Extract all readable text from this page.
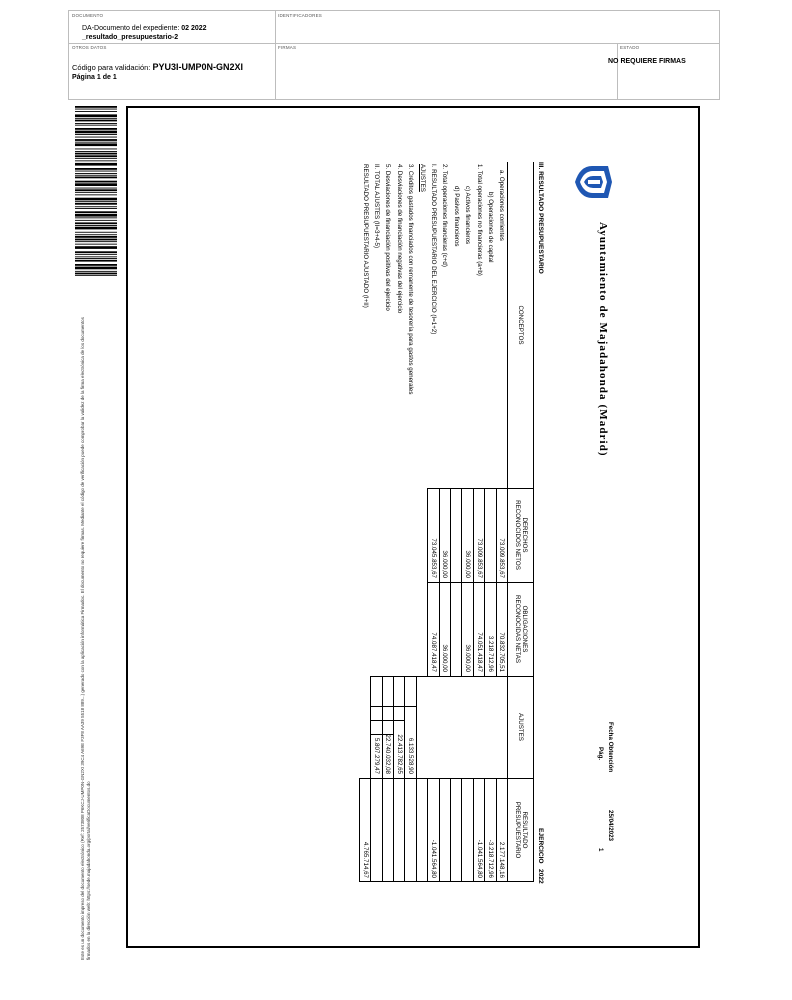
DOCUMENTO
DA-Documento del expediente: 02 2022
_resultado_presupuestario-2
IDENTIFICADORES
OTROS DATOS
Código para validación: PYU3I-UMP0N-GN2XI
Página 1 de 1
FIRMAS	ESTADO
NO REQUIERE FIRMAS
Este es un documento impreso del documento electrónico (Ref: 2573808 P6KCJ-UMP0N-GN2XI 39C4 A69E F3F8 AA39 5518 889...) generado con la aplicación informática Firmadoc. El documento no requiere firmas. Mediante el código de verificación puede comprobar la validez de la firma electrónica de los documentos firmados en la dirección web: https://sede.majadahonda.org/portal/verificaDocumentos.do
Ayuntamiento de Majadahonda (Madrid)
Fecha Obtención
25/04/2023
Pág.
1
III. RESULTADO PRESUPUESTARIO
EJERCICIO   2022
CONCEPTOS
DERECHOS
RECONOCIDOS NETOS
OBLIGACIONES
RECONOCIDAS NETAS
AJUSTES
RESULTADO
PRESUPUESTARIO
a. Operaciones corrientes
73.009.853,67
70.832.705,51
2.177.148,16
b) Operaciones de capital
3.218.712,96
-3.218.712,96
1. Total operaciones no financieras (a+b)
73.009.853,67
74.051.418,47
-1.041.564,80
c) Activos financieros
36.000,00
36.000,00
d) Pasivos financieros
2. Total operaciones financieras (c+d)
36.000,00
36.000,00
I. RESULTADO PRESUPUESTARIO DEL EJERCICIO (I=1+2)
73.045.853,67
74.087.418,47
-1.041.564,80
AJUSTES
3. Créditos gastados financiados con remanente de tesorería para gastos generales
6.133.528,90
4. Desviaciones de financiación negativas del ejercicio
22.413.782,65
5. Desviaciones de financiación positivas del ejercicio
22.740.032,08
II. TOTAL AJUSTES (II=3+4-5)
5.807.279,47
RESULTADO PRESUPUESTARIO AJUSTADO (I+II)
4.765.714,67
